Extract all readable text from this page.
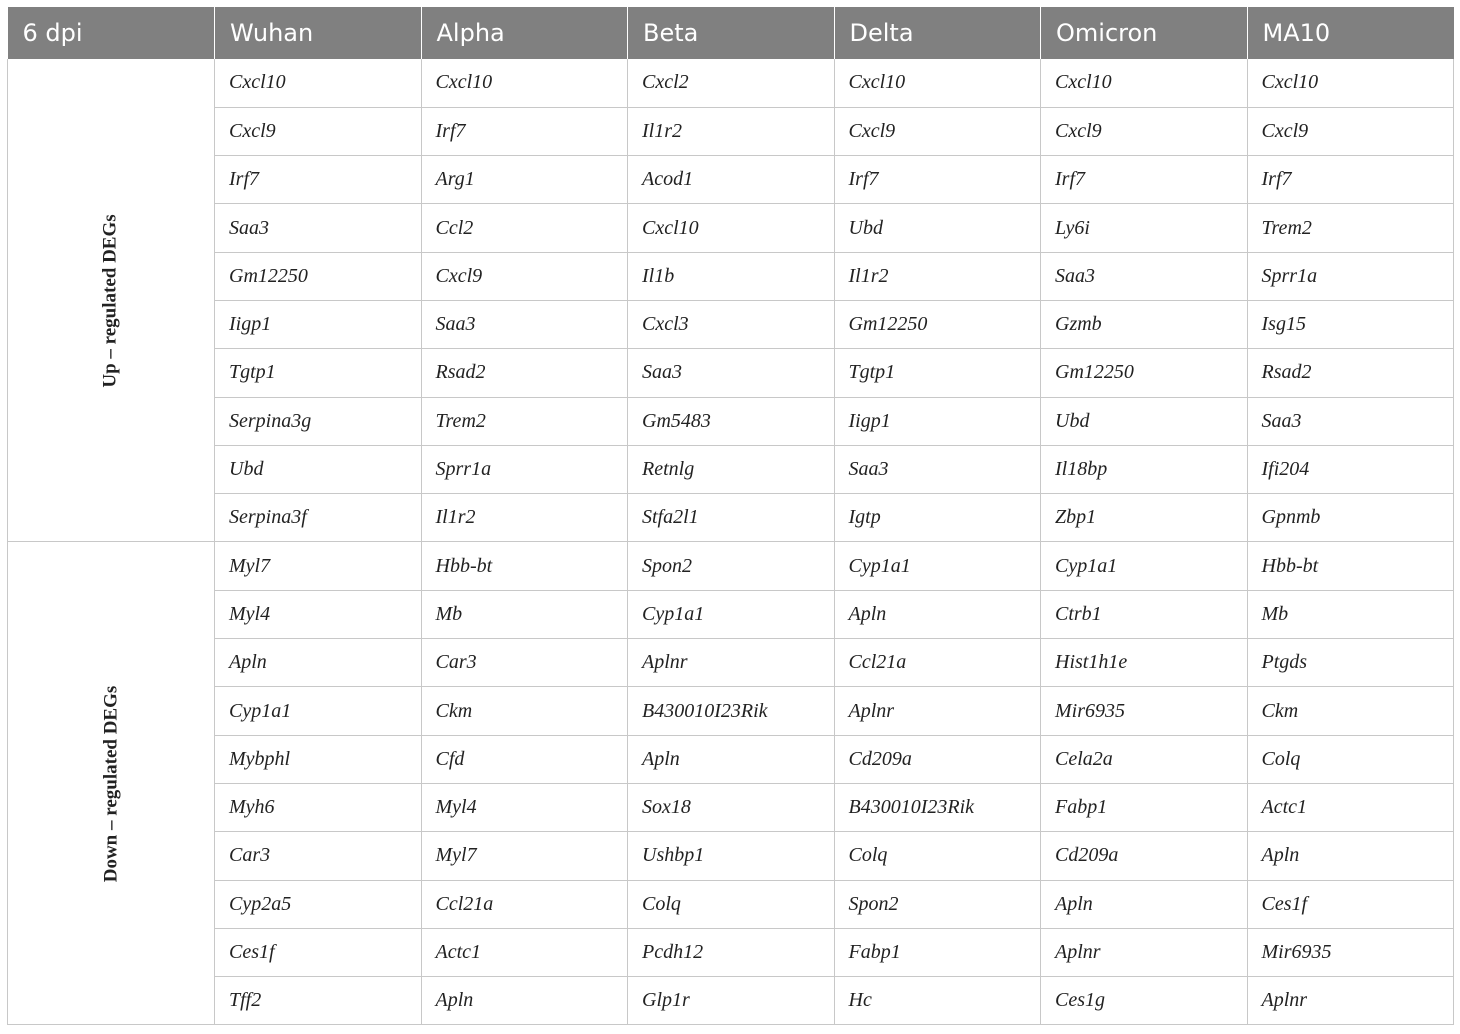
6 dpi	Wuhan	Alpha	Beta	Delta	Omicron	MA10
Up – regulated DEGs	Cxcl10	Cxcl10	Cxcl2	Cxcl10	Cxcl10	Cxcl10
	Cxcl9	Irf7	Il1r2	Cxcl9	Cxcl9	Cxcl9
	Irf7	Arg1	Acod1	Irf7	Irf7	Irf7
	Saa3	Ccl2	Cxcl10	Ubd	Ly6i	Trem2
	Gm12250	Cxcl9	Il1b	Il1r2	Saa3	Sprr1a
	Iigp1	Saa3	Cxcl3	Gm12250	Gzmb	Isg15
	Tgtp1	Rsad2	Saa3	Tgtp1	Gm12250	Rsad2
	Serpina3g	Trem2	Gm5483	Iigp1	Ubd	Saa3
	Ubd	Sprr1a	Retnlg	Saa3	Il18bp	Ifi204
	Serpina3f	Il1r2	Stfa2l1	Igtp	Zbp1	Gpnmb
Down – regulated DEGs	Myl7	Hbb-bt	Spon2	Cyp1a1	Cyp1a1	Hbb-bt
	Myl4	Mb	Cyp1a1	Apln	Ctrb1	Mb
	Apln	Car3	Aplnr	Ccl21a	Hist1h1e	Ptgds
	Cyp1a1	Ckm	B430010I23Rik	Aplnr	Mir6935	Ckm
	Mybphl	Cfd	Apln	Cd209a	Cela2a	Colq
	Myh6	Myl4	Sox18	B430010I23Rik	Fabp1	Actc1
	Car3	Myl7	Ushbp1	Colq	Cd209a	Apln
	Cyp2a5	Ccl21a	Colq	Spon2	Apln	Ces1f
	Ces1f	Actc1	Pcdh12	Fabp1	Aplnr	Mir6935
	Tff2	Apln	Glp1r	Hc	Ces1g	Aplnr
